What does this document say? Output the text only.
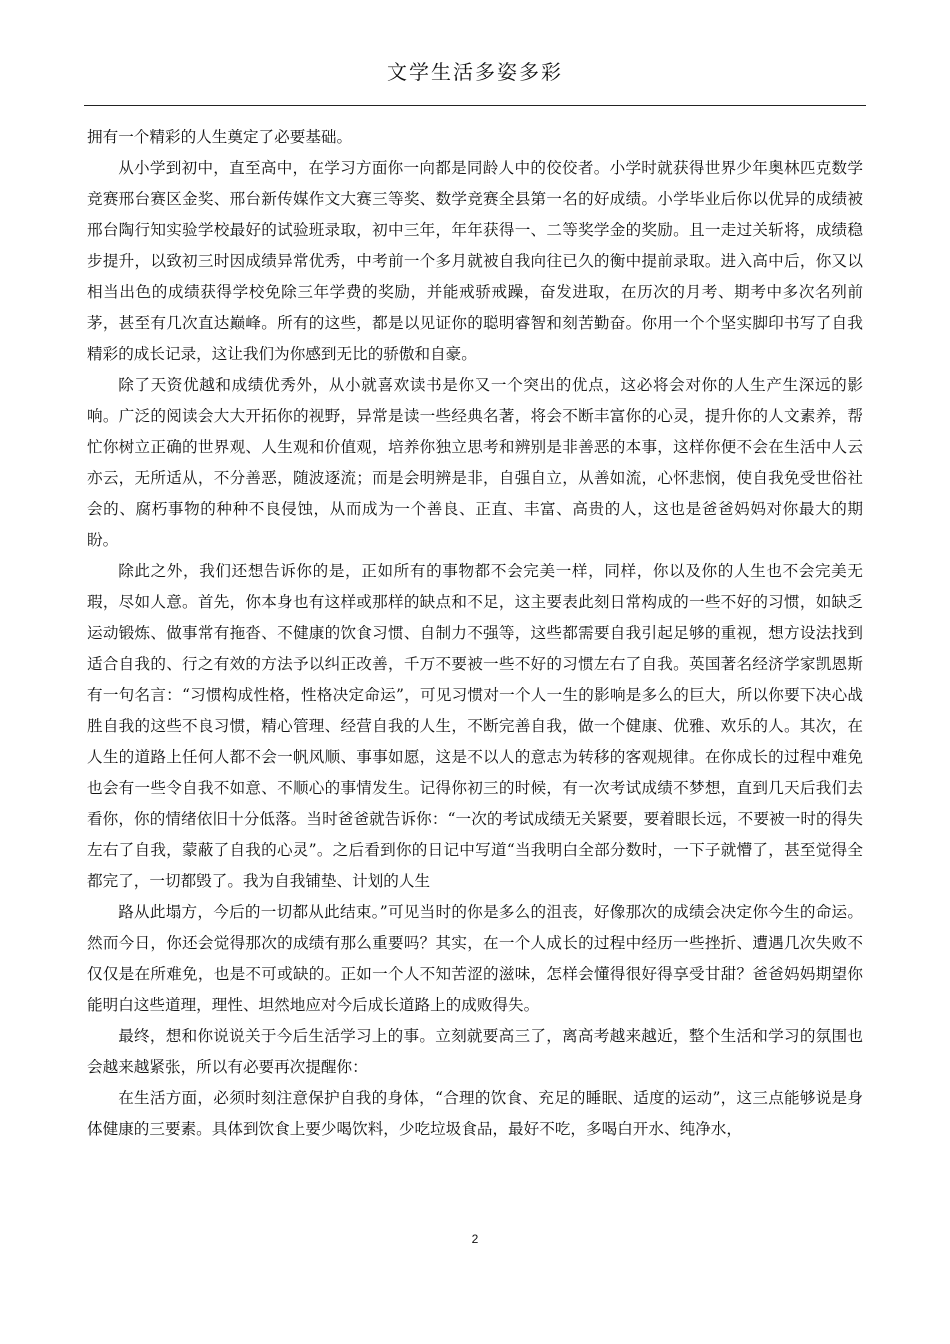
文学生活多姿多彩

拥有一个精彩的人生奠定了必要基础。

从小学到初中，直至高中，在学习方面你一向都是同龄人中的佼佼者。小学时就获得世界少年奥林匹克数学竞赛邢台赛区金奖、邢台新传媒作文大赛三等奖、数学竞赛全县第一名的好成绩。小学毕业后你以优异的成绩被邢台陶行知实验学校最好的试验班录取，初中三年，年年获得一、二等奖学金的奖励。且一走过关斩将，成绩稳步提升，以致初三时因成绩异常优秀，中考前一个多月就被自我向往已久的衡中提前录取。进入高中后，你又以相当出色的成绩获得学校免除三年学费的奖励，并能戒骄戒躁，奋发进取，在历次的月考、期考中多次名列前茅，甚至有几次直达巅峰。所有的这些，都是以见证你的聪明睿智和刻苦勤奋。你用一个个坚实脚印书写了自我精彩的成长记录，这让我们为你感到无比的骄傲和自豪。

除了天资优越和成绩优秀外，从小就喜欢读书是你又一个突出的优点，这必将会对你的人生产生深远的影响。广泛的阅读会大大开拓你的视野，异常是读一些经典名著，将会不断丰富你的心灵，提升你的人文素养，帮忙你树立正确的世界观、人生观和价值观，培养你独立思考和辨别是非善恶的本事，这样你便不会在生活中人云亦云，无所适从，不分善恶，随波逐流；而是会明辨是非，自强自立，从善如流，心怀悲悯，使自我免受世俗社会的、腐朽事物的种种不良侵蚀，从而成为一个善良、正直、丰富、高贵的人，这也是爸爸妈妈对你最大的期盼。

除此之外，我们还想告诉你的是，正如所有的事物都不会完美一样，同样，你以及你的人生也不会完美无瑕，尽如人意。首先，你本身也有这样或那样的缺点和不足，这主要表此刻日常构成的一些不好的习惯，如缺乏运动锻炼、做事常有拖沓、不健康的饮食习惯、自制力不强等，这些都需要自我引起足够的重视，想方设法找到适合自我的、行之有效的方法予以纠正改善，千万不要被一些不好的习惯左右了自我。英国著名经济学家凯恩斯有一句名言：“习惯构成性格，性格决定命运”，可见习惯对一个人一生的影响是多么的巨大，所以你要下决心战胜自我的这些不良习惯，精心管理、经营自我的人生，不断完善自我，做一个健康、优雅、欢乐的人。其次，在人生的道路上任何人都不会一帆风顺、事事如愿，这是不以人的意志为转移的客观规律。在你成长的过程中难免也会有一些令自我不如意、不顺心的事情发生。记得你初三的时候，有一次考试成绩不梦想，直到几天后我们去看你，你的情绪依旧十分低落。当时爸爸就告诉你：“一次的考试成绩无关紧要，要着眼长远，不要被一时的得失左右了自我，蒙蔽了自我的心灵”。之后看到你的日记中写道“当我明白全部分数时，一下子就懵了，甚至觉得全都完了，一切都毁了。我为自我铺垫、计划的人生

路从此塌方，今后的一切都从此结束。”可见当时的你是多么的沮丧，好像那次的成绩会决定你今生的命运。然而今日，你还会觉得那次的成绩有那么重要吗？其实，在一个人成长的过程中经历一些挫折、遭遇几次失败不仅仅是在所难免，也是不可或缺的。正如一个人不知苦涩的滋味，怎样会懂得很好得享受甘甜？爸爸妈妈期望你能明白这些道理，理性、坦然地应对今后成长道路上的成败得失。

最终，想和你说说关于今后生活学习上的事。立刻就要高三了，离高考越来越近，整个生活和学习的氛围也会越来越紧张，所以有必要再次提醒你：

在生活方面，必须时刻注意保护自我的身体，“合理的饮食、充足的睡眠、适度的运动”，这三点能够说是身体健康的三要素。具体到饮食上要少喝饮料，少吃垃圾食品，最好不吃，多喝白开水、纯净水，

2
